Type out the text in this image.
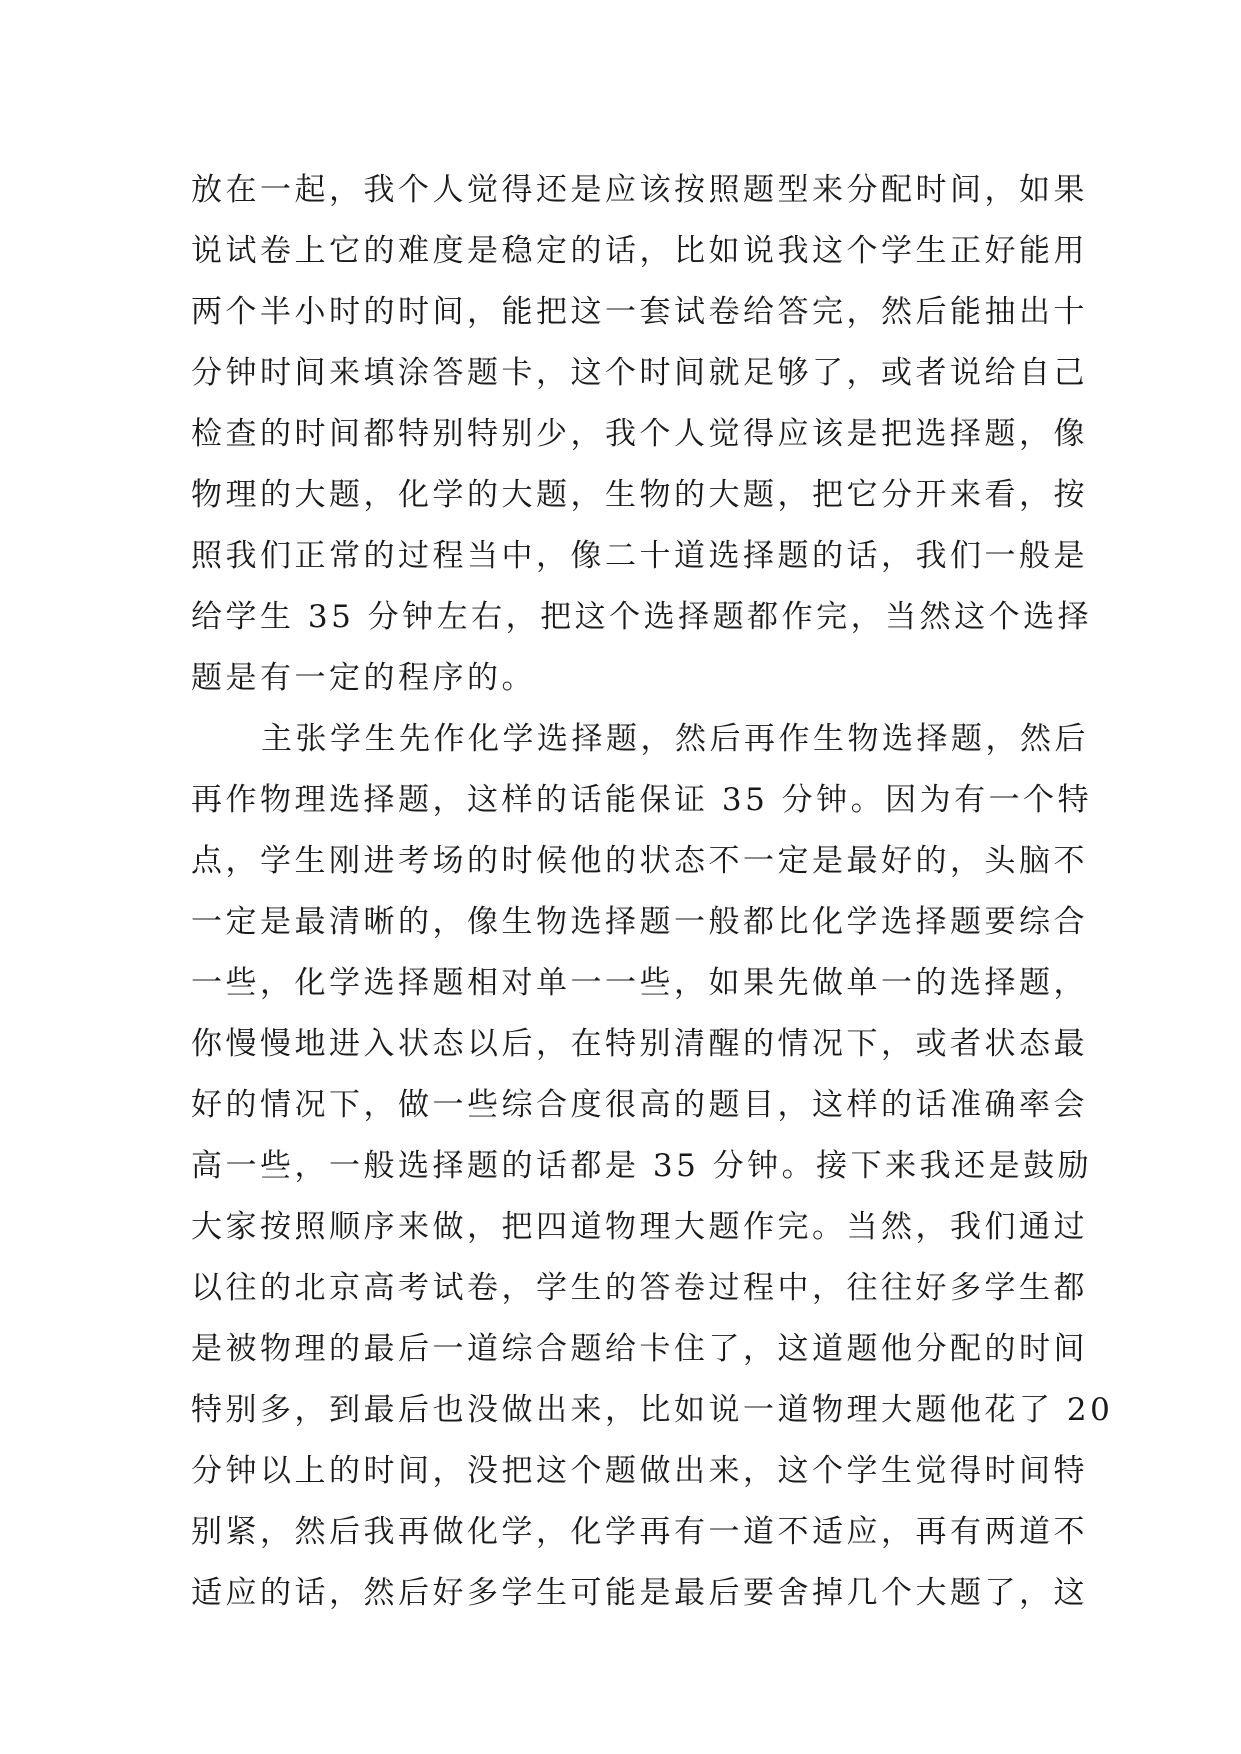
放在一起，我个人觉得还是应该按照题型来分配时间，如果
说试卷上它的难度是稳定的话，比如说我这个学生正好能用
两个半小时的时间，能把这一套试卷给答完，然后能抽出十
分钟时间来填涂答题卡，这个时间就足够了，或者说给自己
检查的时间都特别特别少，我个人觉得应该是把选择题，像
物理的大题，化学的大题，生物的大题，把它分开来看，按
照我们正常的过程当中，像二十道选择题的话，我们一般是
给学生 35 分钟左右，把这个选择题都作完，当然这个选择
题是有一定的程序的。
主张学生先作化学选择题，然后再作生物选择题，然后
再作物理选择题，这样的话能保证 35 分钟。因为有一个特
点，学生刚进考场的时候他的状态不一定是最好的，头脑不
一定是最清晰的，像生物选择题一般都比化学选择题要综合
一些，化学选择题相对单一一些，如果先做单一的选择题，
你慢慢地进入状态以后，在特别清醒的情况下，或者状态最
好的情况下，做一些综合度很高的题目，这样的话准确率会
高一些，一般选择题的话都是 35 分钟。接下来我还是鼓励
大家按照顺序来做，把四道物理大题作完。当然，我们通过
以往的北京高考试卷，学生的答卷过程中，往往好多学生都
是被物理的最后一道综合题给卡住了，这道题他分配的时间
特别多，到最后也没做出来，比如说一道物理大题他花了 20
分钟以上的时间，没把这个题做出来，这个学生觉得时间特
别紧，然后我再做化学，化学再有一道不适应，再有两道不
适应的话，然后好多学生可能是最后要舍掉几个大题了，这
